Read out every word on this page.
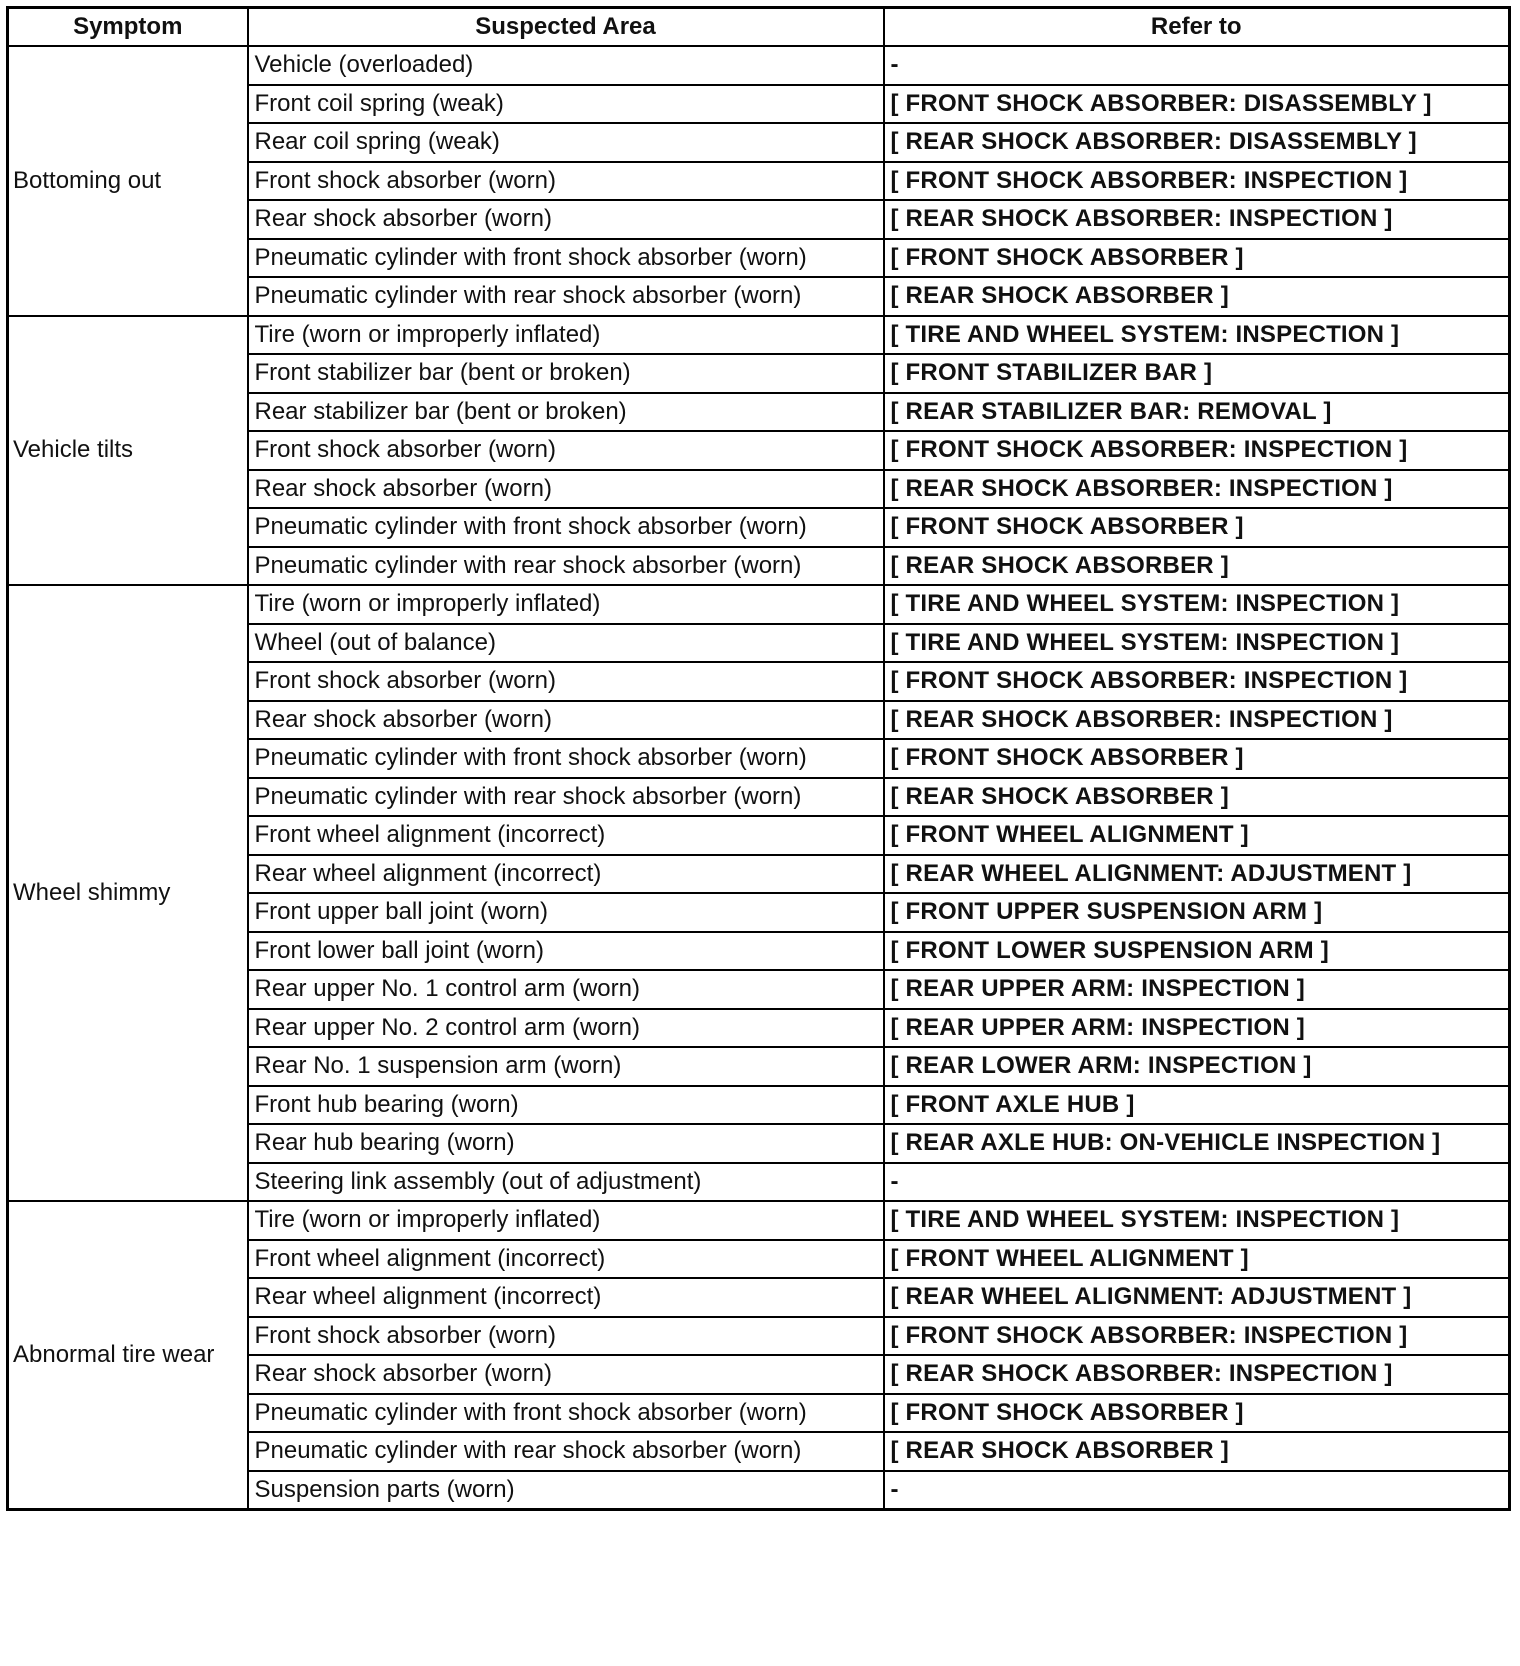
Symptom	Suspected Area	Refer to
Bottoming out	Vehicle (overloaded)	-
	Front coil spring (weak)	[ FRONT SHOCK ABSORBER: DISASSEMBLY ]
	Rear coil spring (weak)	[ REAR SHOCK ABSORBER: DISASSEMBLY ]
	Front shock absorber (worn)	[ FRONT SHOCK ABSORBER: INSPECTION ]
	Rear shock absorber (worn)	[ REAR SHOCK ABSORBER: INSPECTION ]
	Pneumatic cylinder with front shock absorber (worn)	[ FRONT SHOCK ABSORBER ]
	Pneumatic cylinder with rear shock absorber (worn)	[ REAR SHOCK ABSORBER ]
Vehicle tilts	Tire (worn or improperly inflated)	[ TIRE AND WHEEL SYSTEM: INSPECTION ]
	Front stabilizer bar (bent or broken)	[ FRONT STABILIZER BAR ]
	Rear stabilizer bar (bent or broken)	[ REAR STABILIZER BAR: REMOVAL ]
	Front shock absorber (worn)	[ FRONT SHOCK ABSORBER: INSPECTION ]
	Rear shock absorber (worn)	[ REAR SHOCK ABSORBER: INSPECTION ]
	Pneumatic cylinder with front shock absorber (worn)	[ FRONT SHOCK ABSORBER ]
	Pneumatic cylinder with rear shock absorber (worn)	[ REAR SHOCK ABSORBER ]
Wheel shimmy	Tire (worn or improperly inflated)	[ TIRE AND WHEEL SYSTEM: INSPECTION ]
	Wheel (out of balance)	[ TIRE AND WHEEL SYSTEM: INSPECTION ]
	Front shock absorber (worn)	[ FRONT SHOCK ABSORBER: INSPECTION ]
	Rear shock absorber (worn)	[ REAR SHOCK ABSORBER: INSPECTION ]
	Pneumatic cylinder with front shock absorber (worn)	[ FRONT SHOCK ABSORBER ]
	Pneumatic cylinder with rear shock absorber (worn)	[ REAR SHOCK ABSORBER ]
	Front wheel alignment (incorrect)	[ FRONT WHEEL ALIGNMENT ]
	Rear wheel alignment (incorrect)	[ REAR WHEEL ALIGNMENT: ADJUSTMENT ]
	Front upper ball joint (worn)	[ FRONT UPPER SUSPENSION ARM ]
	Front lower ball joint (worn)	[ FRONT LOWER SUSPENSION ARM ]
	Rear upper No. 1 control arm (worn)	[ REAR UPPER ARM: INSPECTION ]
	Rear upper No. 2 control arm (worn)	[ REAR UPPER ARM: INSPECTION ]
	Rear No. 1 suspension arm (worn)	[ REAR LOWER ARM: INSPECTION ]
	Front hub bearing (worn)	[ FRONT AXLE HUB ]
	Rear hub bearing (worn)	[ REAR AXLE HUB: ON-VEHICLE INSPECTION ]
	Steering link assembly (out of adjustment)	-
Abnormal tire wear	Tire (worn or improperly inflated)	[ TIRE AND WHEEL SYSTEM: INSPECTION ]
	Front wheel alignment (incorrect)	[ FRONT WHEEL ALIGNMENT ]
	Rear wheel alignment (incorrect)	[ REAR WHEEL ALIGNMENT: ADJUSTMENT ]
	Front shock absorber (worn)	[ FRONT SHOCK ABSORBER: INSPECTION ]
	Rear shock absorber (worn)	[ REAR SHOCK ABSORBER: INSPECTION ]
	Pneumatic cylinder with front shock absorber (worn)	[ FRONT SHOCK ABSORBER ]
	Pneumatic cylinder with rear shock absorber (worn)	[ REAR SHOCK ABSORBER ]
	Suspension parts (worn)	-
